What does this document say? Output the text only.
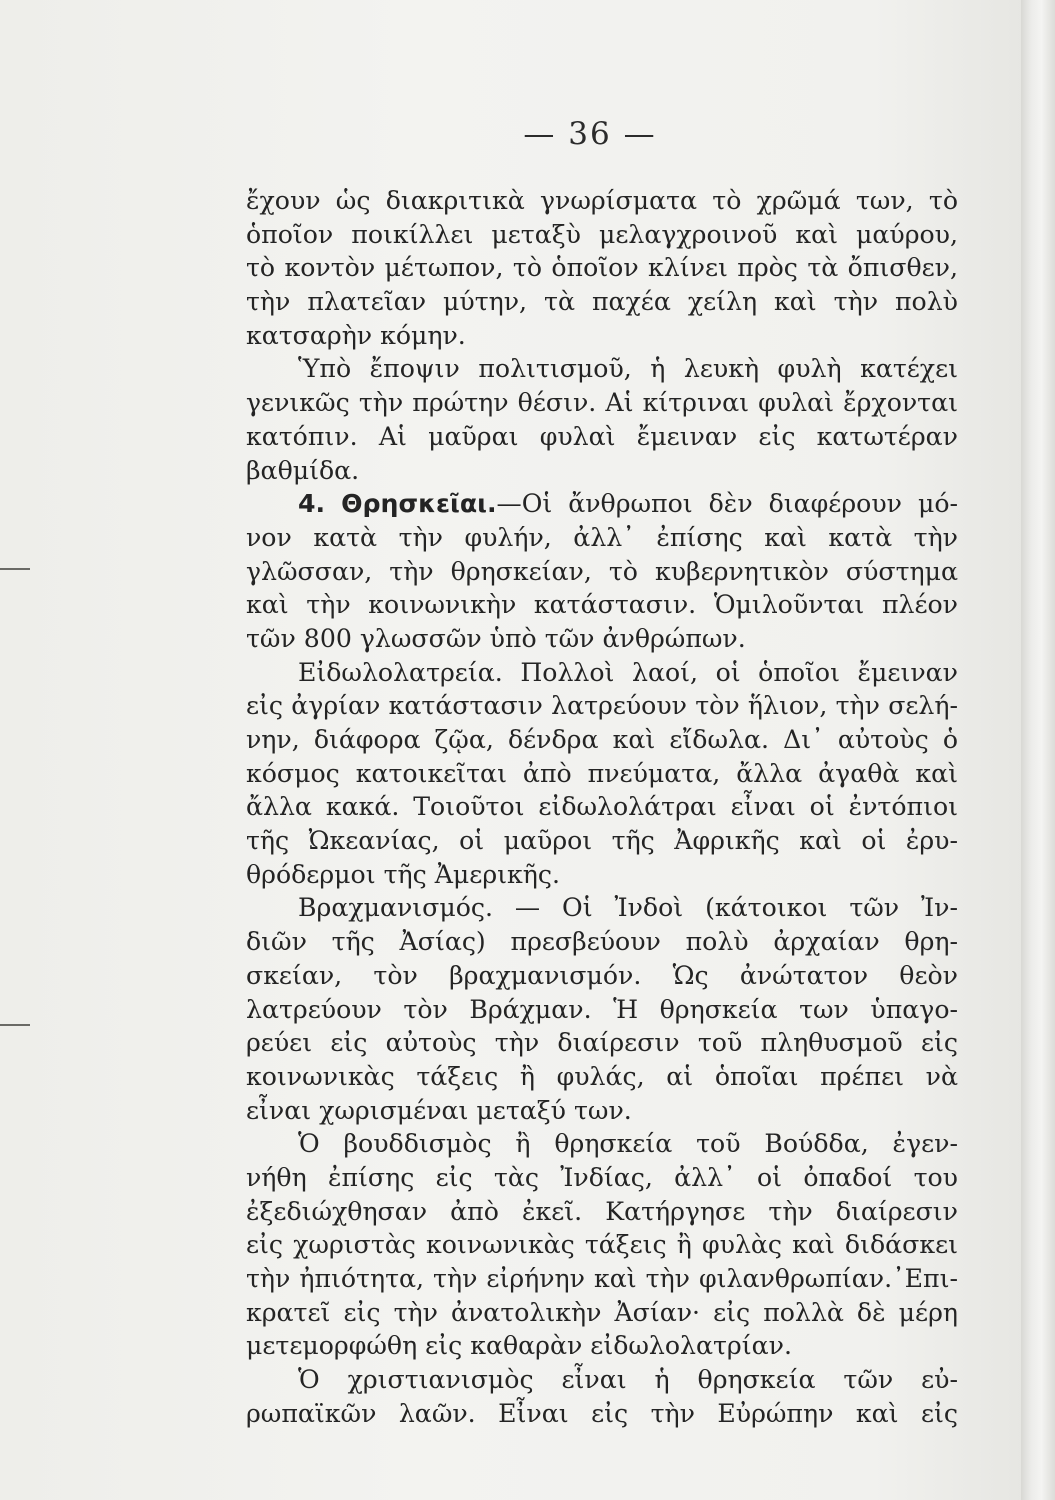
— 36 —
ἔχουν ὡς διακριτικὰ γνωρίσματα τὸ χρῶμά των, τὸ
ὁποῖον ποικίλλει μεταξὺ μελαγχροινοῦ καὶ μαύρου,
τὸ κοντὸν μέτωπον, τὸ ὁποῖον κλίνει πρὸς τὰ ὄπισθεν,
τὴν πλατεῖαν μύτην, τὰ παχέα χείλη καὶ τὴν πολὺ
κατσαρὴν κόμην.
Ὑπὸ ἔποψιν πολιτισμοῦ, ἡ λευκὴ φυλὴ κατέχει
γενικῶς τὴν πρώτην θέσιν. Αἱ κίτριναι φυλαὶ ἔρχονται
κατόπιν. Αἱ μαῦραι φυλαὶ ἔμειναν εἰς κατωτέραν
βαθμίδα.
4. Θρησκεῖαι.—Οἱ ἄνθρωποι δὲν διαφέρουν μό-
νον κατὰ τὴν φυλήν, ἀλλ᾽ ἐπίσης καὶ κατὰ τὴν
γλῶσσαν, τὴν θρησκείαν, τὸ κυβερνητικὸν σύστημα
καὶ τὴν κοινωνικὴν κατάστασιν. Ὁμιλοῦνται πλέον
τῶν 800 γλωσσῶν ὑπὸ τῶν ἀνθρώπων.
Εἰδωλολατρεία. Πολλοὶ λαοί, οἱ ὁποῖοι ἔμειναν
εἰς ἀγρίαν κατάστασιν λατρεύουν τὸν ἥλιον, τὴν σελή-
νην, διάφορα ζῷα, δένδρα καὶ εἴδωλα. Δι᾽ αὐτοὺς ὁ
κόσμος κατοικεῖται ἀπὸ πνεύματα, ἄλλα ἀγαθὰ καὶ
ἄλλα κακά. Τοιοῦτοι εἰδωλολάτραι εἶναι οἱ ἐντόπιοι
τῆς Ὠκεανίας, οἱ μαῦροι τῆς Ἀφρικῆς καὶ οἱ ἐρυ-
θρόδερμοι τῆς Ἀμερικῆς.
Βραχμανισμός. — Οἱ Ἰνδοὶ (κάτοικοι τῶν Ἰν-
διῶν τῆς Ἀσίας) πρεσβεύουν πολὺ ἀρχαίαν θρη-
σκείαν, τὸν βραχμανισμόν. Ὡς ἀνώτατον θεὸν
λατρεύουν τὸν Βράχμαν. Ἡ θρησκεία των ὑπαγο-
ρεύει εἰς αὐτοὺς τὴν διαίρεσιν τοῦ πληθυσμοῦ εἰς
κοινωνικὰς τάξεις ἢ φυλάς, αἱ ὁποῖαι πρέπει νὰ
εἶναι χωρισμέναι μεταξύ των.
Ὁ βουδδισμὸς ἢ θρησκεία τοῦ Βούδδα, ἐγεν-
νήθη ἐπίσης εἰς τὰς Ἰνδίας, ἀλλ᾽ οἱ ὀπαδοί του
ἐξεδιώχθησαν ἀπὸ ἐκεῖ. Κατήργησε τὴν διαίρεσιν
εἰς χωριστὰς κοινωνικὰς τάξεις ἢ φυλὰς καὶ διδάσκει
τὴν ἠπιότητα, τὴν εἰρήνην καὶ τὴν φιλανθρωπίαν.᾽Επι-
κρατεῖ εἰς τὴν ἀνατολικὴν Ἀσίαν· εἰς πολλὰ δὲ μέρη
μετεμορφώθη εἰς καθαρὰν εἰδωλολατρίαν.
Ὁ χριστιανισμὸς εἶναι ἡ θρησκεία τῶν εὐ-
ρωπαϊκῶν λαῶν. Εἶναι εἰς τὴν Εὐρώπην καὶ εἰς
